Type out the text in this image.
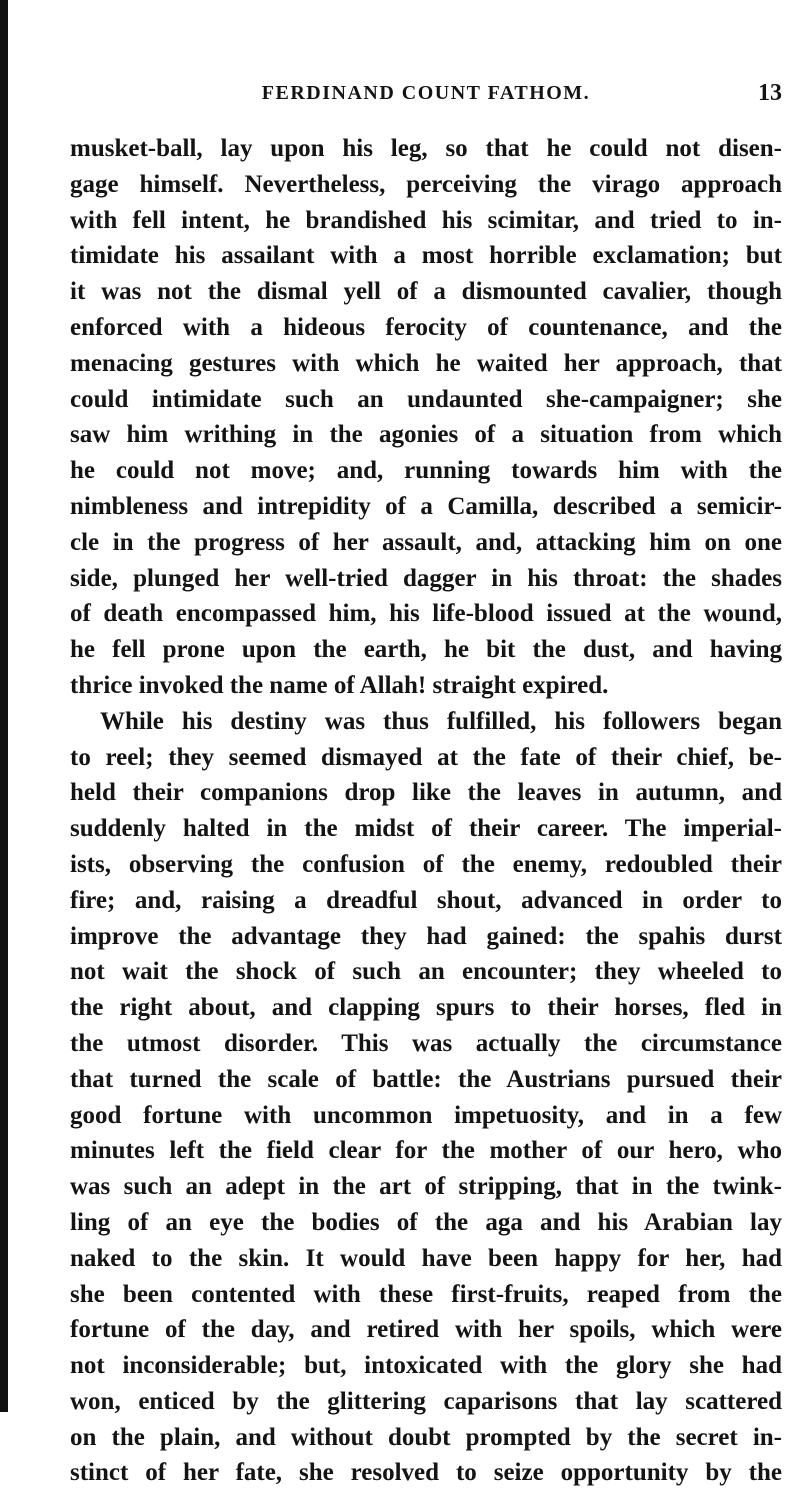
FERDINAND COUNT FATHOM.	13
musket-ball, lay upon his leg, so that he could not disen-
gage himself. Nevertheless, perceiving the virago approach
with fell intent, he brandished his scimitar, and tried to in-
timidate his assailant with a most horrible exclamation; but
it was not the dismal yell of a dismounted cavalier, though
enforced with a hideous ferocity of countenance, and the
menacing gestures with which he waited her approach, that
could intimidate such an undaunted she-campaigner; she
saw him writhing in the agonies of a situation from which
he could not move; and, running towards him with the
nimbleness and intrepidity of a Camilla, described a semicir-
cle in the progress of her assault, and, attacking him on one
side, plunged her well-tried dagger in his throat: the shades
of death encompassed him, his life-blood issued at the wound,
he fell prone upon the earth, he bit the dust, and having
thrice invoked the name of Allah! straight expired.
While his destiny was thus fulfilled, his followers began
to reel; they seemed dismayed at the fate of their chief, be-
held their companions drop like the leaves in autumn, and
suddenly halted in the midst of their career. The imperial-
ists, observing the confusion of the enemy, redoubled their
fire; and, raising a dreadful shout, advanced in order to
improve the advantage they had gained: the spahis durst
not wait the shock of such an encounter; they wheeled to
the right about, and clapping spurs to their horses, fled in
the utmost disorder. This was actually the circumstance
that turned the scale of battle: the Austrians pursued their
good fortune with uncommon impetuosity, and in a few
minutes left the field clear for the mother of our hero, who
was such an adept in the art of stripping, that in the twink-
ling of an eye the bodies of the aga and his Arabian lay
naked to the skin. It would have been happy for her, had
she been contented with these first-fruits, reaped from the
fortune of the day, and retired with her spoils, which were
not inconsiderable; but, intoxicated with the glory she had
won, enticed by the glittering caparisons that lay scattered
on the plain, and without doubt prompted by the secret in-
stinct of her fate, she resolved to seize opportunity by the
